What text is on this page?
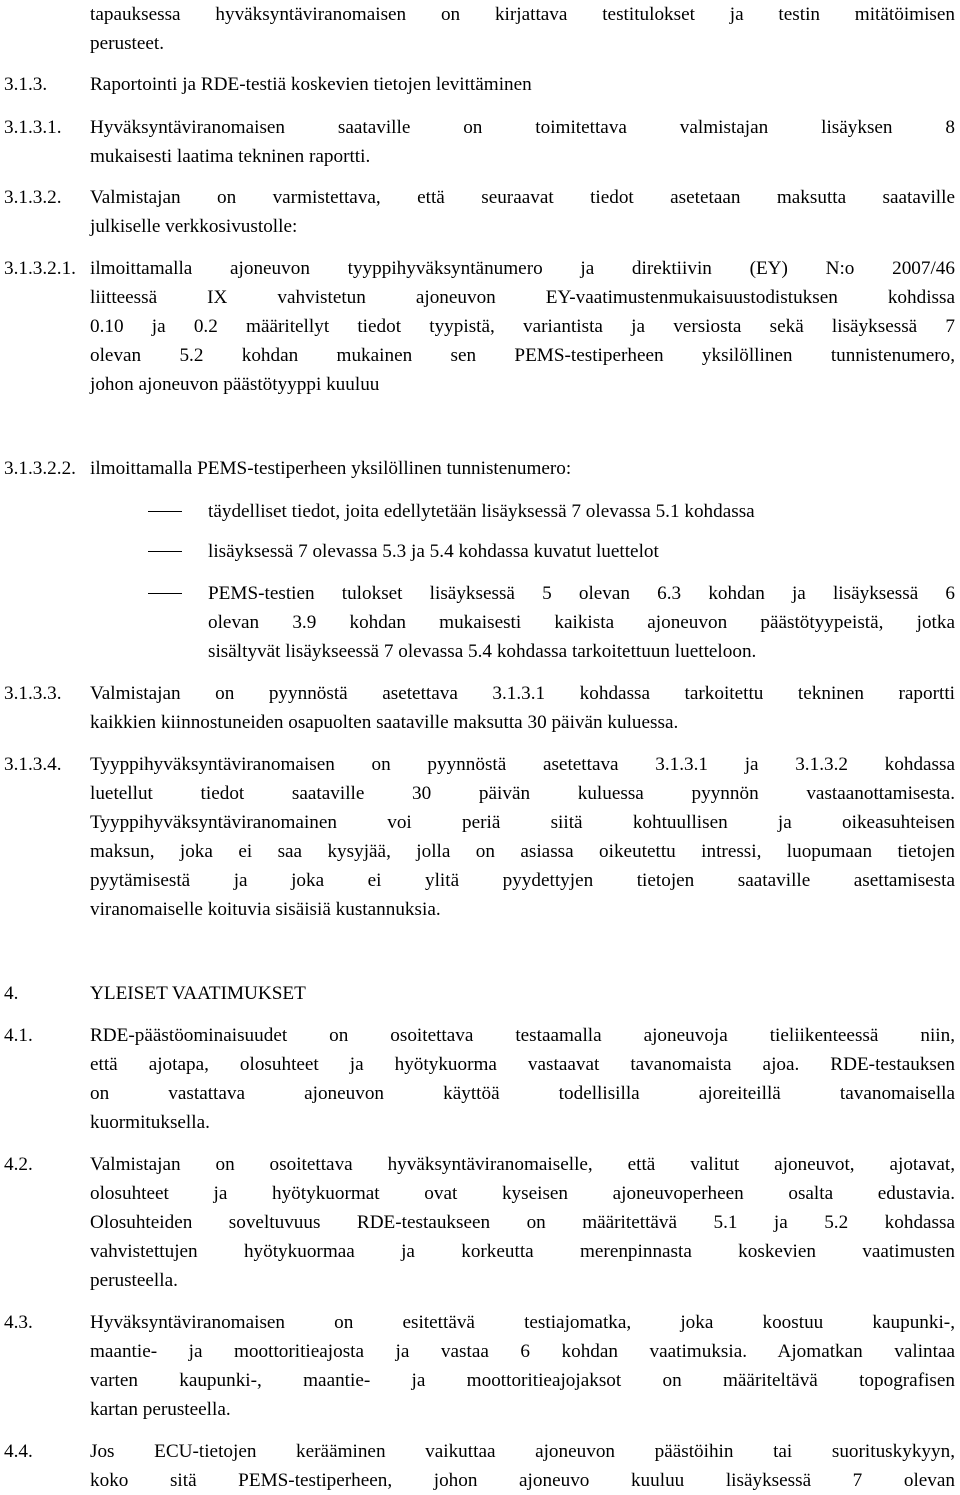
tapauksessa hyväksyntäviranomaisen on kirjattava testitulokset ja testin mitätöimisen
perusteet.
3.1.3. Raportointi ja RDE-testiä koskevien tietojen levittäminen
3.1.3.1. Hyväksyntäviranomaisen saataville on toimitettava valmistajan lisäyksen 8
mukaisesti laatima tekninen raportti.
3.1.3.2. Valmistajan on varmistettava, että seuraavat tiedot asetetaan maksutta saataville
julkiselle verkkosivustolle:
3.1.3.2.1. ilmoittamalla ajoneuvon tyyppihyväksyntänumero ja direktiivin (EY) N:o 2007/46
liitteessä IX vahvistetun ajoneuvon EY-vaatimustenmukaisuustodistuksen kohdissa
0.10 ja 0.2 määritellyt tiedot tyypistä, variantista ja versiosta sekä lisäyksessä 7
olevan 5.2 kohdan mukainen sen PEMS-testiperheen yksilöllinen tunnistenumero,
johon ajoneuvon päästötyyppi kuuluu
3.1.3.2.2. ilmoittamalla PEMS-testiperheen yksilöllinen tunnistenumero:
täydelliset tiedot, joita edellytetään lisäyksessä 7 olevassa 5.1 kohdassa
lisäyksessä 7 olevassa 5.3 ja 5.4 kohdassa kuvatut luettelot
PEMS-testien tulokset lisäyksessä 5 olevan 6.3 kohdan ja lisäyksessä 6
olevan 3.9 kohdan mukaisesti kaikista ajoneuvon päästötyypeistä, jotka
sisältyvät lisäykseessä 7 olevassa 5.4 kohdassa tarkoitettuun luetteloon.
3.1.3.3. Valmistajan on pyynnöstä asetettava 3.1.3.1 kohdassa tarkoitettu tekninen raportti
kaikkien kiinnostuneiden osapuolten saataville maksutta 30 päivän kuluessa.
3.1.3.4. Tyyppihyväksyntäviranomaisen on pyynnöstä asetettava 3.1.3.1 ja 3.1.3.2 kohdassa
luetellut tiedot saataville 30 päivän kuluessa pyynnön vastaanottamisesta.
Tyyppihyväksyntäviranomainen voi periä siitä kohtuullisen ja oikeasuhteisen
maksun, joka ei saa kysyjää, jolla on asiassa oikeutettu intressi, luopumaan tietojen
pyytämisestä ja joka ei ylitä pyydettyjen tietojen saataville asettamisesta
viranomaiselle koituvia sisäisiä kustannuksia.
4.	YLEISET VAATIMUKSET
4.1.	RDE-päästöominaisuudet on osoitettava testaamalla ajoneuvoja tieliikenteessä niin,
että ajotapa, olosuhteet ja hyötykuorma vastaavat tavanomaista ajoa. RDE-testauksen
on vastattava ajoneuvon käyttöä todellisilla ajoreiteillä tavanomaisella
kuormituksella.
4.2.	Valmistajan on osoitettava hyväksyntäviranomaiselle, että valitut ajoneuvot, ajotavat,
olosuhteet ja hyötykuormat ovat kyseisen ajoneuvoperheen osalta edustavia.
Olosuhteiden soveltuvuus RDE-testaukseen on määritettävä 5.1 ja 5.2 kohdassa
vahvistettujen hyötykuormaa ja korkeutta merenpinnasta koskevien vaatimusten
perusteella.
4.3.	Hyväksyntäviranomaisen on esitettävä testiajomatka, joka koostuu kaupunki-,
maantie- ja moottoritieajosta ja vastaa 6 kohdan vaatimuksia. Ajomatkan valintaa
varten kaupunki-, maantie- ja moottoritieajojaksot on määriteltävä topografisen
kartan perusteella.
4.4.	Jos ECU-tietojen kerääminen vaikuttaa ajoneuvon päästöihin tai suorituskykyyn,
koko sitä PEMS-testiperheen, johon ajoneuvo kuuluu lisäyksessä 7 olevan
